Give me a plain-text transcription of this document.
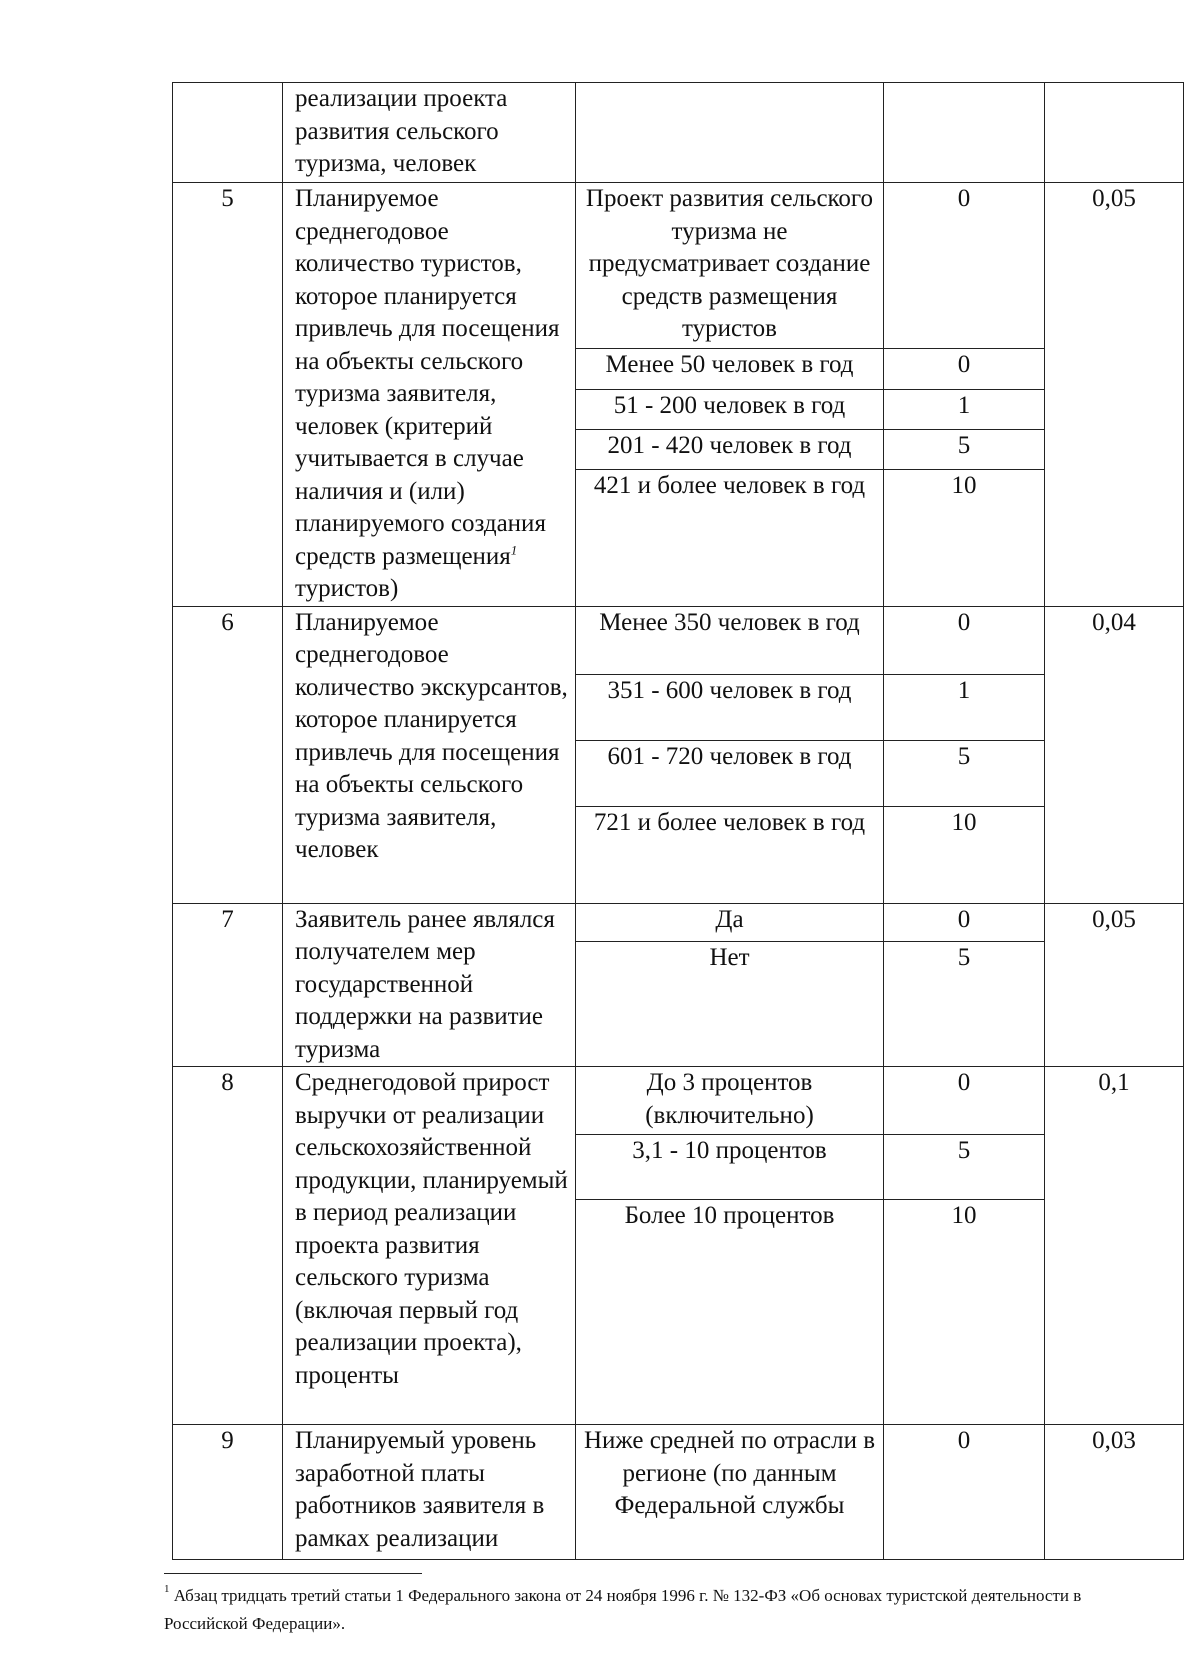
	реализации проекта развития сельского туризма, человек			
5	Планируемое среднегодовое количество туристов, которое планируется привлечь для посещения на объекты сельского туризма заявителя, человек (критерий учитывается в случае наличия и (или) планируемого создания средств размещения$^1$ туристов)	Проект развития сельского туризма не предусматривает создание средств размещения туристов	0	0,05
		Менее 50 человек в год	0	
		51 - 200 человек в год	1	
		201 - 420 человек в год	5	
		421 и более человек в год	10	
6	Планируемое среднегодовое количество экскурсантов, которое планируется привлечь для посещения на объекты сельского туризма заявителя, человек	Менее 350 человек в год	0	0,04
		351 - 600 человек в год	1	
		601 - 720 человек в год	5	
		721 и более человек в год	10	
7	Заявитель ранее являлся получателем мер государственной поддержки на развитие туризма	Да	0	0,05
		Нет	5	
8	Среднегодовой прирост выручки от реализации сельскохозяйственной продукции, планируемый в период реализации проекта развития сельского туризма (включая первый год реализации проекта), проценты	До 3 процентов (включительно)	0	0,1
		3,1 - 10 процентов	5	
		Более 10 процентов	10	
9	Планируемый уровень заработной платы работников заявителя в рамках реализации	Ниже средней по отрасли в регионе (по данным Федеральной службы	0	0,03
$^1$ Абзац тридцать третий статьи 1 Федерального закона от 24 ноября 1996 г. № 132-ФЗ «Об основах туристской деятельности в Российской Федерации».
